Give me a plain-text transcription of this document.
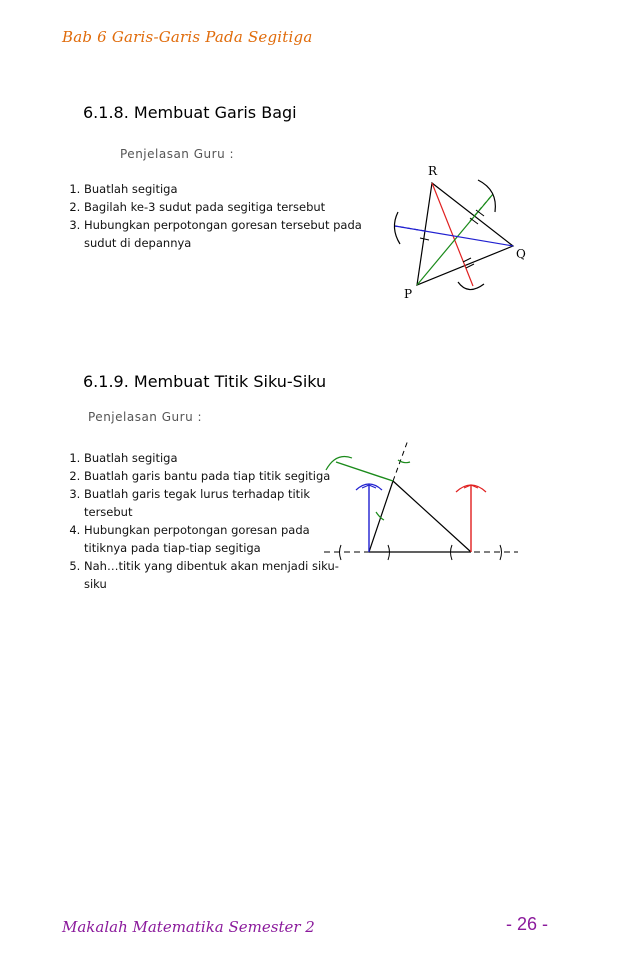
Bab 6 Garis-Garis Pada Segitiga
6.1.8. Membuat Garis Bagi
Penjelasan Guru :
1. Buatlah segitiga
2. Bagilah ke-3 sudut pada segitiga tersebut
3. Hubungkan perpotongan goresan tersebut pada sudut di depannya
R
Q
P
6.1.9. Membuat Titik Siku-Siku
Penjelasan Guru :
1. Buatlah segitiga
2. Buatlah garis bantu pada tiap titik segitiga
3. Buatlah garis tegak lurus terhadap titik tersebut
4. Hubungkan perpotongan goresan pada titiknya pada tiap-tiap segitiga
5. Nah…titik yang dibentuk akan menjadi siku-siku
Makalah Matematika Semester 2	- 26 -
